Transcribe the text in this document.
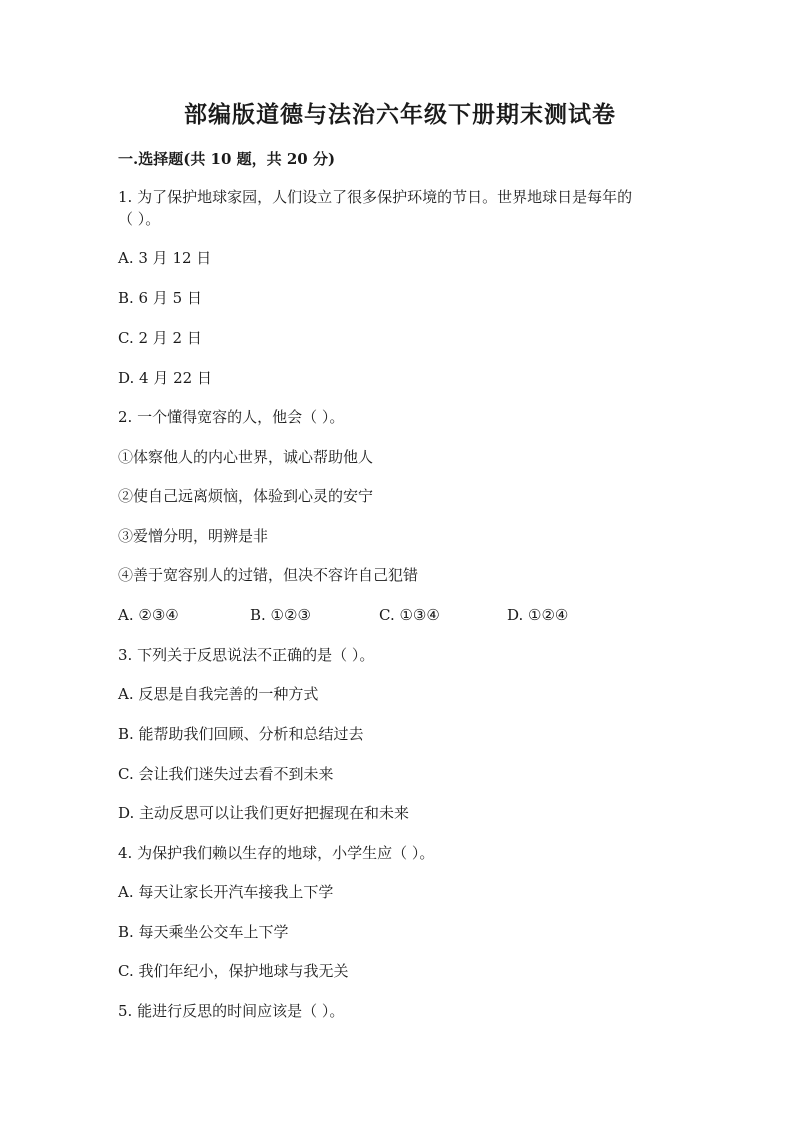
部编版道德与法治六年级下册期末测试卷
一.选择题(共 10 题，共 20 分)
1. 为了保护地球家园，人们设立了很多保护环境的节日。世界地球日是每年的
（ ）。
A. 3 月 12 日
B. 6 月 5 日
C. 2 月 2 日
D. 4 月 22 日
2. 一个懂得宽容的人，他会（ ）。
①体察他人的内心世界，诚心帮助他人
②使自己远离烦恼，体验到心灵的安宁
③爱憎分明，明辨是非
④善于宽容别人的过错，但决不容许自己犯错
A. ②③④	B. ①②③	C. ①③④	D. ①②④
3. 下列关于反思说法不正确的是（ ）。
A. 反思是自我完善的一种方式
B. 能帮助我们回顾、分析和总结过去
C. 会让我们迷失过去看不到未来
D. 主动反思可以让我们更好把握现在和未来
4. 为保护我们赖以生存的地球，小学生应（ ）。
A. 每天让家长开汽车接我上下学
B. 每天乘坐公交车上下学
C. 我们年纪小，保护地球与我无关
5. 能进行反思的时间应该是（ ）。
